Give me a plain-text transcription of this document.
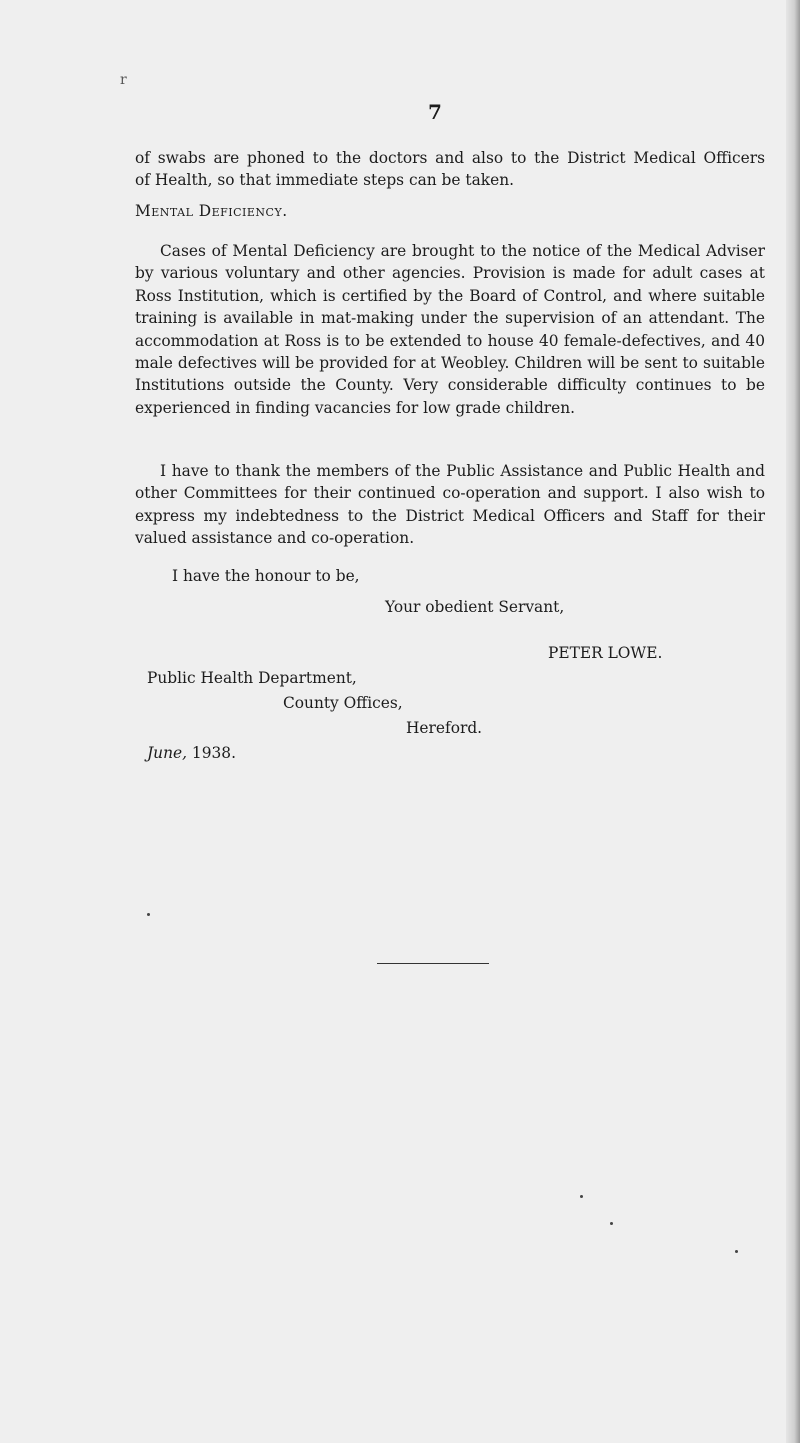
r
7
of swabs are phoned to the doctors and also to the District Medical Officers
of Health, so that immediate steps can be taken.
Mental Deficiency.
Cases of Mental Deficiency are brought to the notice of the Medical Adviser by various voluntary and other agencies. Provision is made for adult cases at Ross Institution, which is certified by the Board of Control, and where suitable training is available in mat-making under the supervision of an attendant. The accommodation at Ross is to be extended to house 40 female-defectives, and 40 male defectives will be provided for at Weobley. Children will be sent to suitable Institutions outside the County. Very considerable difficulty continues to be experienced in finding vacancies for low grade children.
I have to thank the members of the Public Assistance and Public Health and other Committees for their continued co-operation and support. I also wish to express my indebtedness to the District Medical Officers and Staff for their valued assistance and co-operation.
I have the honour to be,
Your obedient Servant,
PETER LOWE.
Public Health Department,
County Offices,
Hereford.
June, 1938.
